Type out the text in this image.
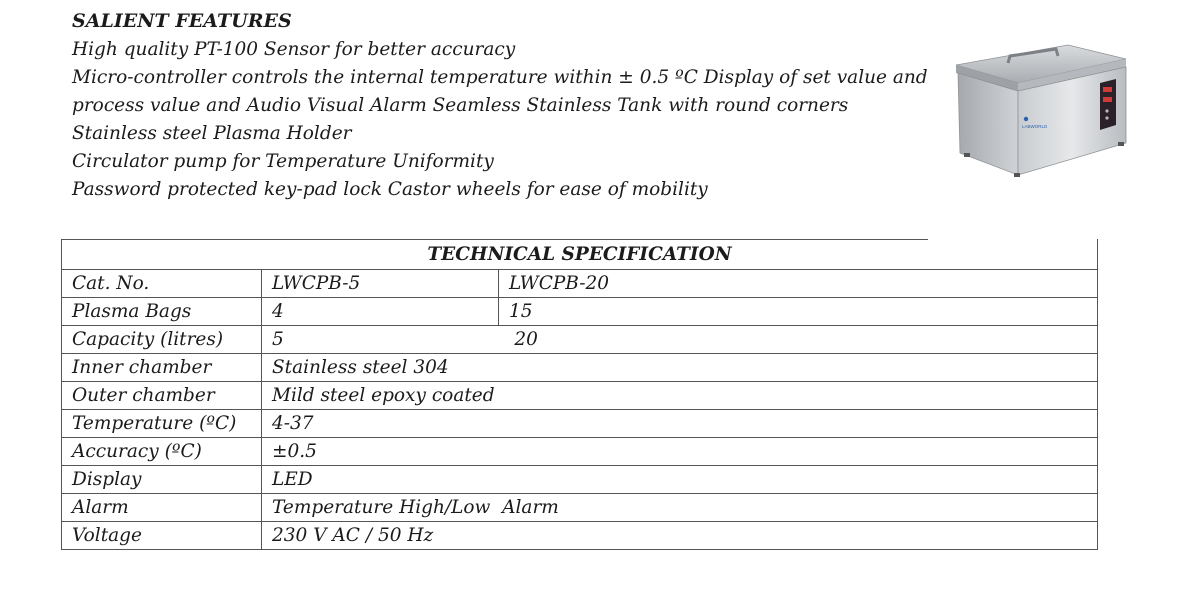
SALIENT FEATURES

High quality PT-100 Sensor for better accuracy

Micro-controller controls the internal temperature within ± 0.5 ºC Display of set value and

process value and Audio Visual Alarm Seamless Stainless Tank with round corners

Stainless steel Plasma Holder

Circulator pump for Temperature Uniformity

Password protected key-pad lock Castor wheels for ease of mobility

LABWORLD
TECHNICAL SPECIFICATION		
Cat. No.	LWCPB-5	LWCPB-20
Plasma Bags	4	15
Capacity (litres)	5	20
Inner chamber	Stainless steel 304	
Outer chamber	Mild steel epoxy coated	
Temperature (ºC)	4-37	
Accuracy (ºC)	±0.5	
Display	LED	
Alarm	Temperature High/Low  Alarm	
Voltage	230 V AC / 50 Hz	
